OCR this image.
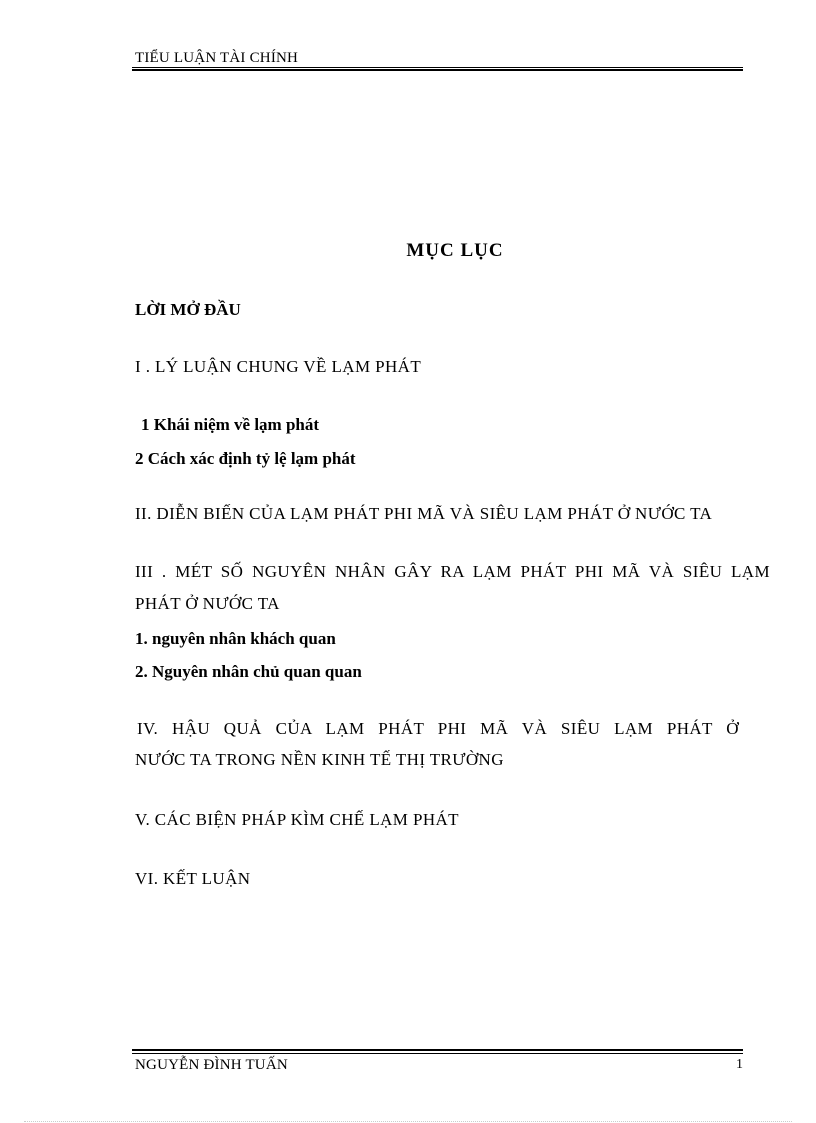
TIỂU LUẬN TÀI CHÍNH
MỤC LỤC
LỜI MỞ ĐẦU
I . LÝ LUẬN CHUNG VỀ LẠM PHÁT
1 Khái niệm về lạm phát
2 Cách xác định tỷ lệ lạm phát
II. DIỄN BIẾN CỦA LẠM PHÁT PHI MÃ VÀ SIÊU LẠM PHÁT Ở NƯỚC TA
III . MÉT SỐ NGUYÊN NHÂN GÂY RA LẠM PHÁT PHI MÃ VÀ SIÊU LẠM
PHÁT Ở NƯỚC TA
1. nguyên nhân khách quan
2. Nguyên nhân chủ quan quan
IV. HẬU QUẢ CỦA LẠM PHÁT PHI MÃ VÀ SIÊU LẠM PHÁT Ở
NƯỚC TA TRONG NỀN KINH TẾ THỊ TRƯỜNG
V. CÁC BIỆN PHÁP KÌM CHẾ LẠM PHÁT
VI. KẾT LUẬN
NGUYỄN ĐÌNH TUẤN	1
